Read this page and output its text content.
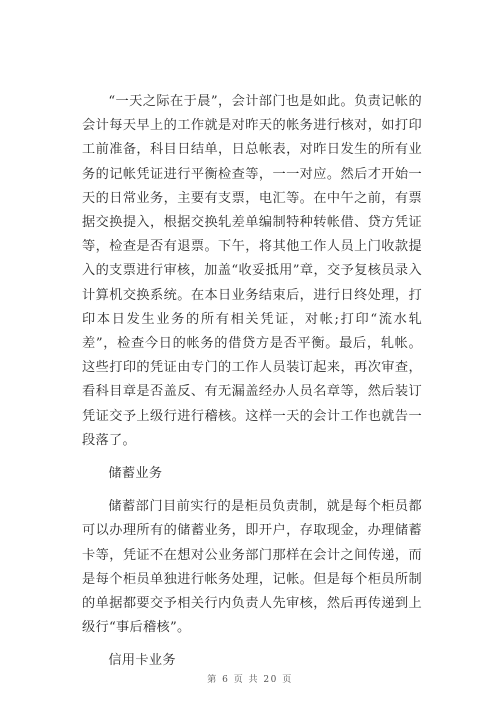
“一天之际在于晨”，会计部门也是如此。负责记帐的会计每天早上的工作就是对昨天的帐务进行核对，如打印工前准备，科目日结单，日总帐表，对昨日发生的所有业务的记帐凭证进行平衡检查等，一一对应。然后才开始一天的日常业务，主要有支票，电汇等。在中午之前，有票据交换提入，根据交换轧差单编制特种转帐借、贷方凭证等，检查是否有退票。下午，将其他工作人员上门收款提入的支票进行审核，加盖“收妥抵用”章，交予复核员录入计算机交换系统。在本日业务结束后，进行日终处理，打印本日发生业务的所有相关凭证，对帐;打印“流水轧差”，检查今日的帐务的借贷方是否平衡。最后，轧帐。这些打印的凭证由专门的工作人员装订起来，再次审查，看科目章是否盖反、有无漏盖经办人员名章等，然后装订凭证交予上级行进行稽核。这样一天的会计工作也就告一段落了。

储蓄业务

储蓄部门目前实行的是柜员负责制，就是每个柜员都可以办理所有的储蓄业务，即开户，存取现金，办理储蓄卡等，凭证不在想对公业务部门那样在会计之间传递，而是每个柜员单独进行帐务处理，记帐。但是每个柜员所制的单据都要交予相关行内负责人先审核，然后再传递到上级行“事后稽核”。

信用卡业务

第 6 页 共 20 页
